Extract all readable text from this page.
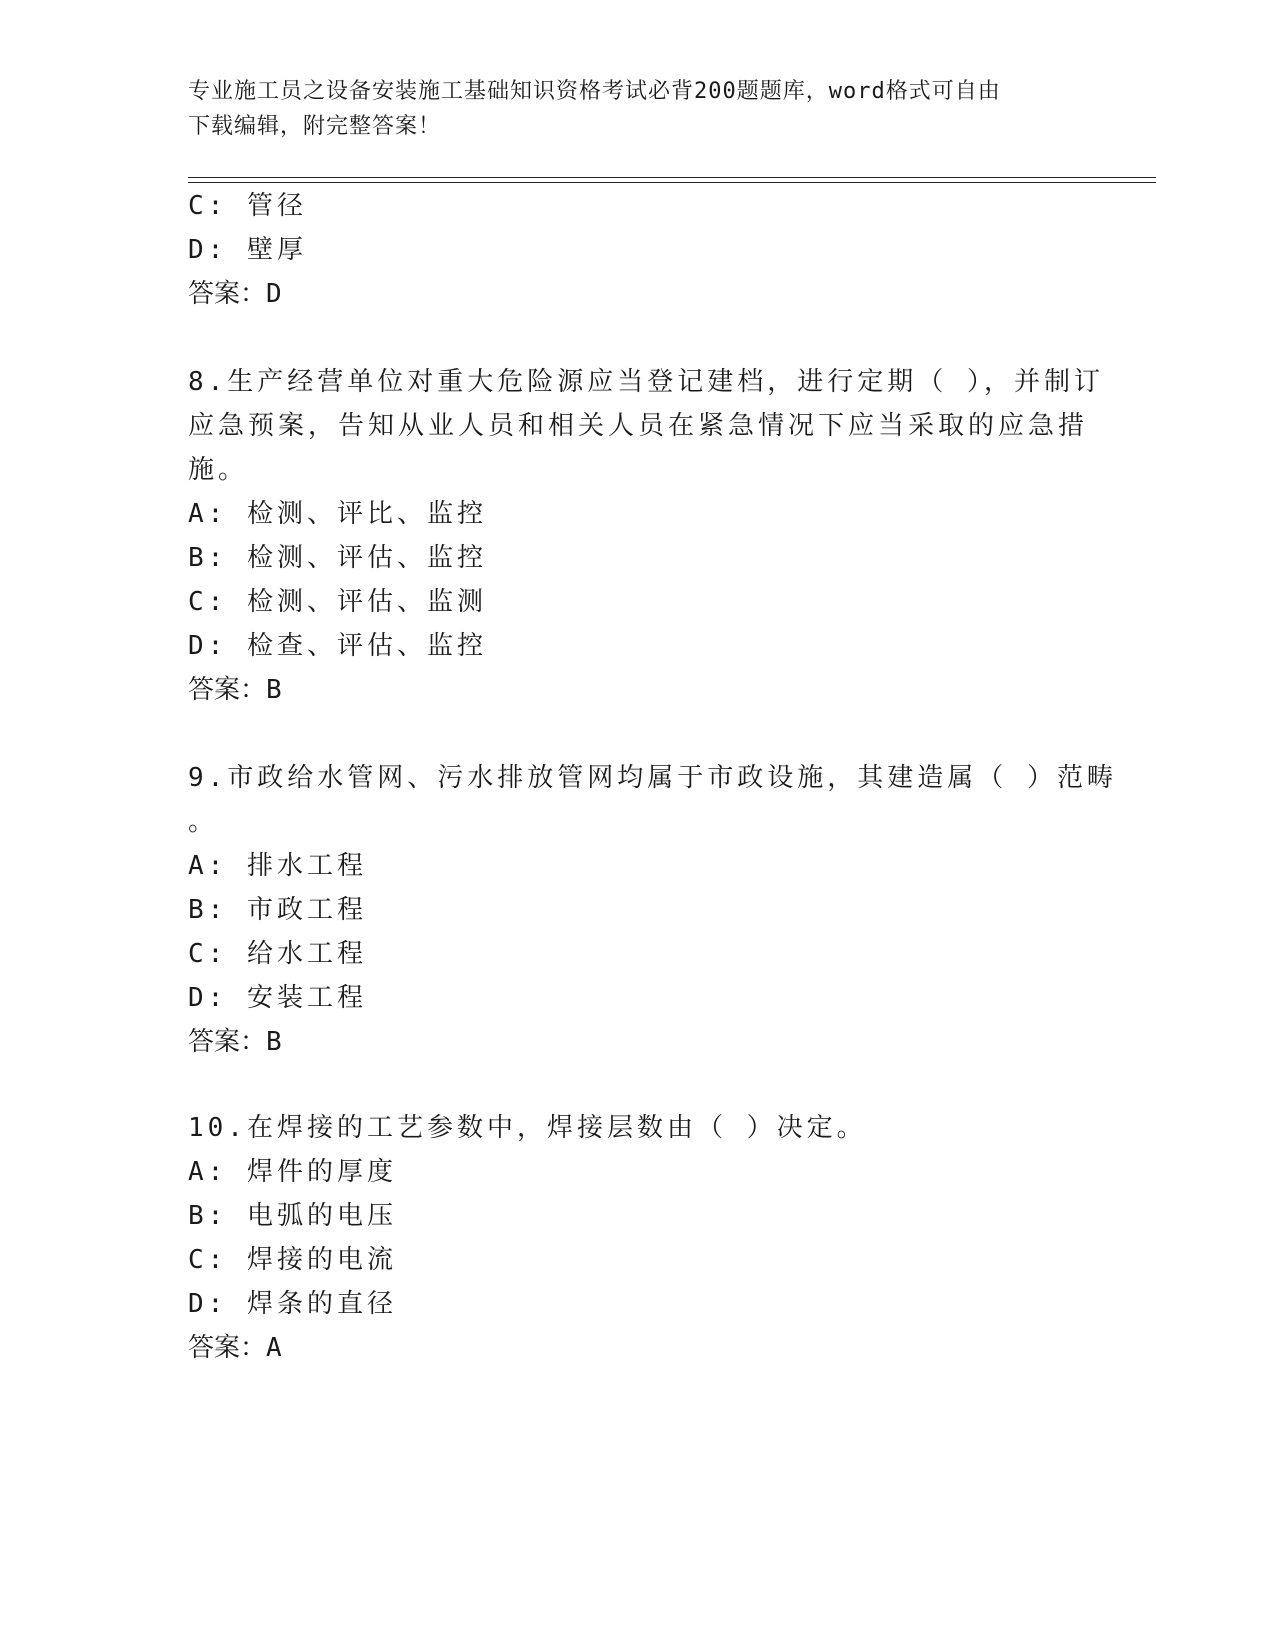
专业施工员之设备安装施工基础知识资格考试必背200题题库，word格式可自由
下载编辑，附完整答案！
C: 管径
D: 壁厚
答案：D
8.生产经营单位对重大危险源应当登记建档，进行定期（ ），并制订
应急预案，告知从业人员和相关人员在紧急情况下应当采取的应急措
施。
A: 检测、评比、监控
B: 检测、评估、监控
C: 检测、评估、监测
D: 检查、评估、监控
答案：B
9.市政给水管网、污水排放管网均属于市政设施，其建造属（ ）范畴
。
A: 排水工程
B: 市政工程
C: 给水工程
D: 安装工程
答案：B
10.在焊接的工艺参数中，焊接层数由（ ）决定。
A: 焊件的厚度
B: 电弧的电压
C: 焊接的电流
D: 焊条的直径
答案：A
